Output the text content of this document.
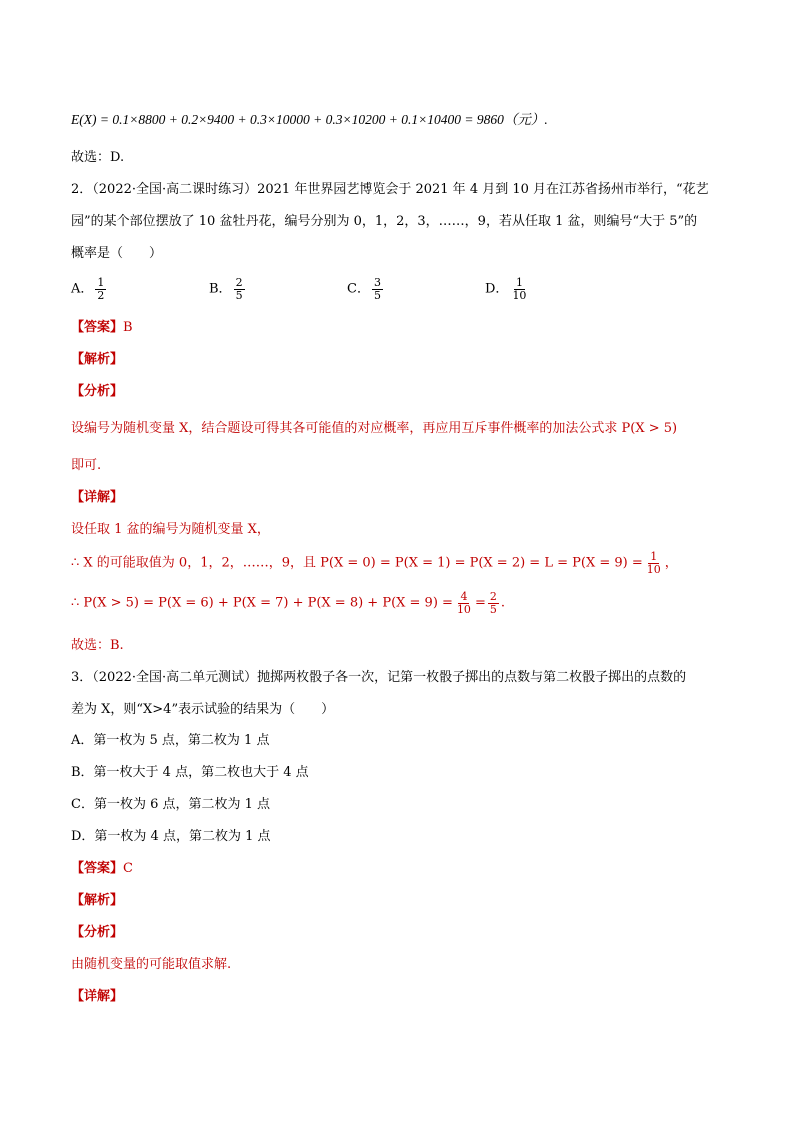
E(X) = 0.1×8800 + 0.2×9400 + 0.3×10000 + 0.3×10200 + 0.1×10400 = 9860（元）.
故选：D.
2．（2022·全国·高二课时练习）2021 年世界园艺博览会于 2021 年 4 月到 10 月在江苏省扬州市举行，“花艺
园”的某个部位摆放了 10 盆牡丹花，编号分别为 0，1，2，3，……，9，若从任取 1 盆，则编号“大于 5”的
概率是（　　）
A． $\frac{1}{2}$	B． $\frac{2}{5}$	C． $\frac{3}{5}$	D． $\frac{1}{10}$
【答案】B
【解析】
【分析】
设编号为随机变量 X，结合题设可得其各可能值的对应概率，再应用互斥事件概率的加法公式求 P(X > 5)
即可.
【详解】
设任取 1 盆的编号为随机变量 X，
∴ X 的可能取值为 0，1，2，……，9，且 $P(X = 0) = P(X = 1) = P(X = 2) = L = P(X = 9) = \frac{1}{10}$ ，
∴ $P(X > 5) = P(X = 6) + P(X = 7) + P(X = 8) + P(X = 9) = \frac{4}{10} = \frac{2}{5}$ .
故选：B.
3．（2022·全国·高二单元测试）抛掷两枚骰子各一次，记第一枚骰子掷出的点数与第二枚骰子掷出的点数的
差为 X，则“X>4”表示试验的结果为（　　）
A．第一枚为 5 点，第二枚为 1 点
B．第一枚大于 4 点，第二枚也大于 4 点
C．第一枚为 6 点，第二枚为 1 点
D．第一枚为 4 点，第二枚为 1 点
【答案】C
【解析】
【分析】
由随机变量的可能取值求解.
【详解】
